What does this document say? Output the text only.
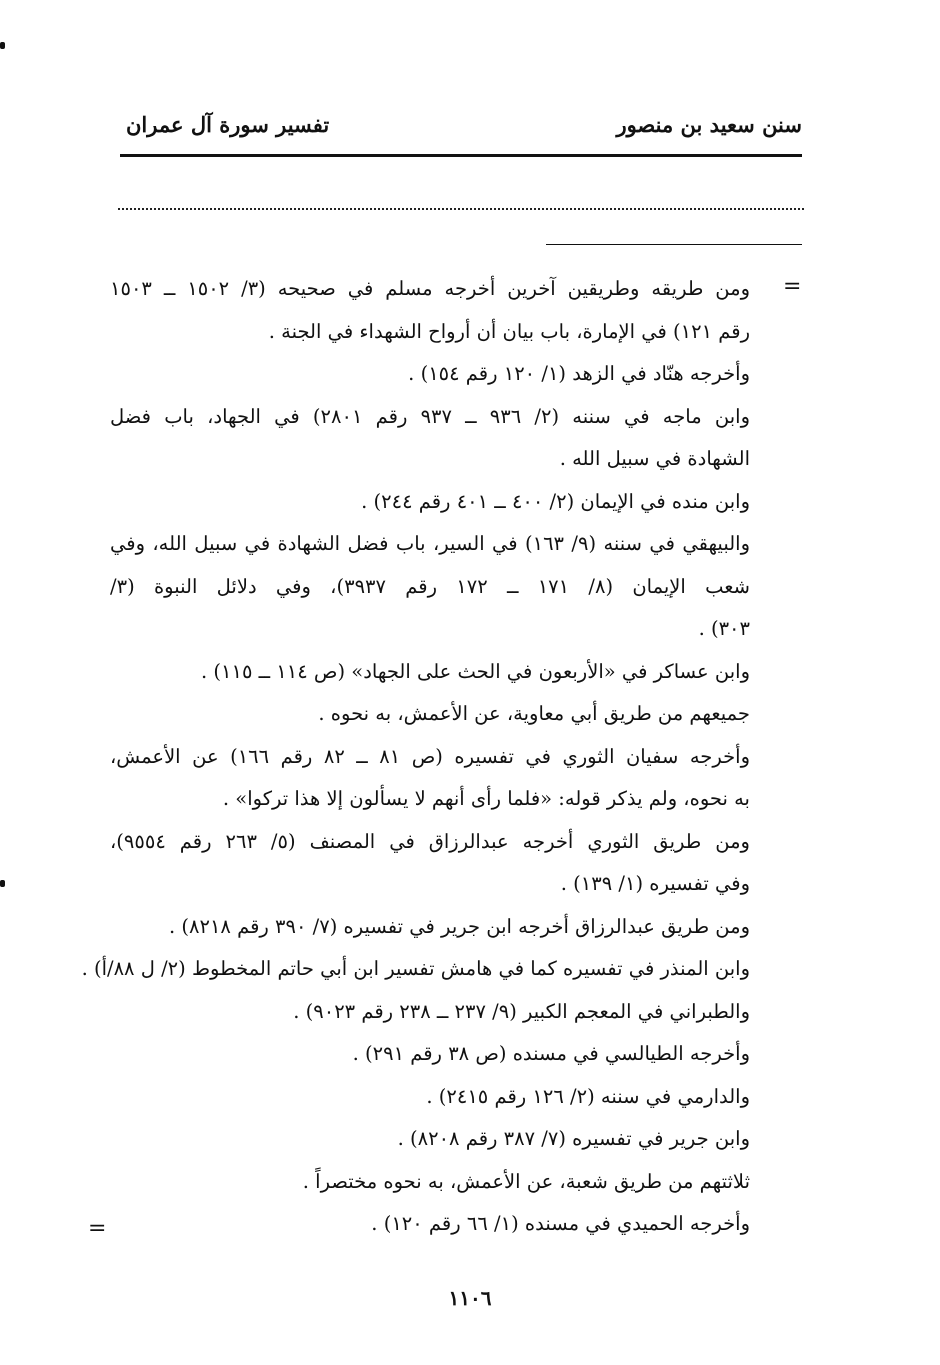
سنن سعيد بن منصور
تفسير سورة آل عمران
=
ومن طريقه وطريقين آخرين أخرجه مسلم في صحيحه (٣/ ١٥٠٢ ــ ١٥٠٣
رقم ١٢١) في الإمارة، باب بيان أن أرواح الشهداء في الجنة .
وأخرجه هنّاد في الزهد (١/ ١٢٠ رقم ١٥٤) .
وابن ماجه في سننه (٢/ ٩٣٦ ــ ٩٣٧ رقم ٢٨٠١) في الجهاد، باب فضل
الشهادة في سبيل الله .
وابن منده في الإيمان (٢/ ٤٠٠ ــ ٤٠١ رقم ٢٤٤) .
والبيهقي في سننه (٩/ ١٦٣) في السير، باب فضل الشهادة في سبيل الله، وفي
شعب الإيمان (٨/ ١٧١ ــ ١٧٢ رقم ٣٩٣٧)، وفي دلائل النبوة (٣/
٣٠٣) .
وابن عساكر في «الأربعون في الحث على الجهاد» (ص ١١٤ ــ ١١٥) .
جميعهم من طريق أبي معاوية، عن الأعمش، به نحوه .
وأخرجه سفيان الثوري في تفسيره (ص ٨١ ــ ٨٢ رقم ١٦٦) عن الأعمش،
به نحوه، ولم يذكر قوله: «فلما رأى أنهم لا يسألون إلا هذا تركوا» .
ومن طريق الثوري أخرجه عبدالرزاق في المصنف (٥/ ٢٦٣ رقم ٩٥٥٤)،
وفي تفسيره (١/ ١٣٩) .
ومن طريق عبدالرزاق أخرجه ابن جرير في تفسيره (٧/ ٣٩٠ رقم ٨٢١٨) .
وابن المنذر في تفسيره كما في هامش تفسير ابن أبي حاتم المخطوط (٢/ ل ٨٨/أ) .
والطبراني في المعجم الكبير (٩/ ٢٣٧ ــ ٢٣٨ رقم ٩٠٢٣) .
وأخرجه الطيالسي في مسنده (ص ٣٨ رقم ٢٩١) .
والدارمي في سننه (٢/ ١٢٦ رقم ٢٤١٥) .
وابن جرير في تفسيره (٧/ ٣٨٧ رقم ٨٢٠٨) .
ثلاثتهم من طريق شعبة، عن الأعمش، به نحوه مختصراً .
وأخرجه الحميدي في مسنده (١/ ٦٦ رقم ١٢٠) .
=
١١٠٦
